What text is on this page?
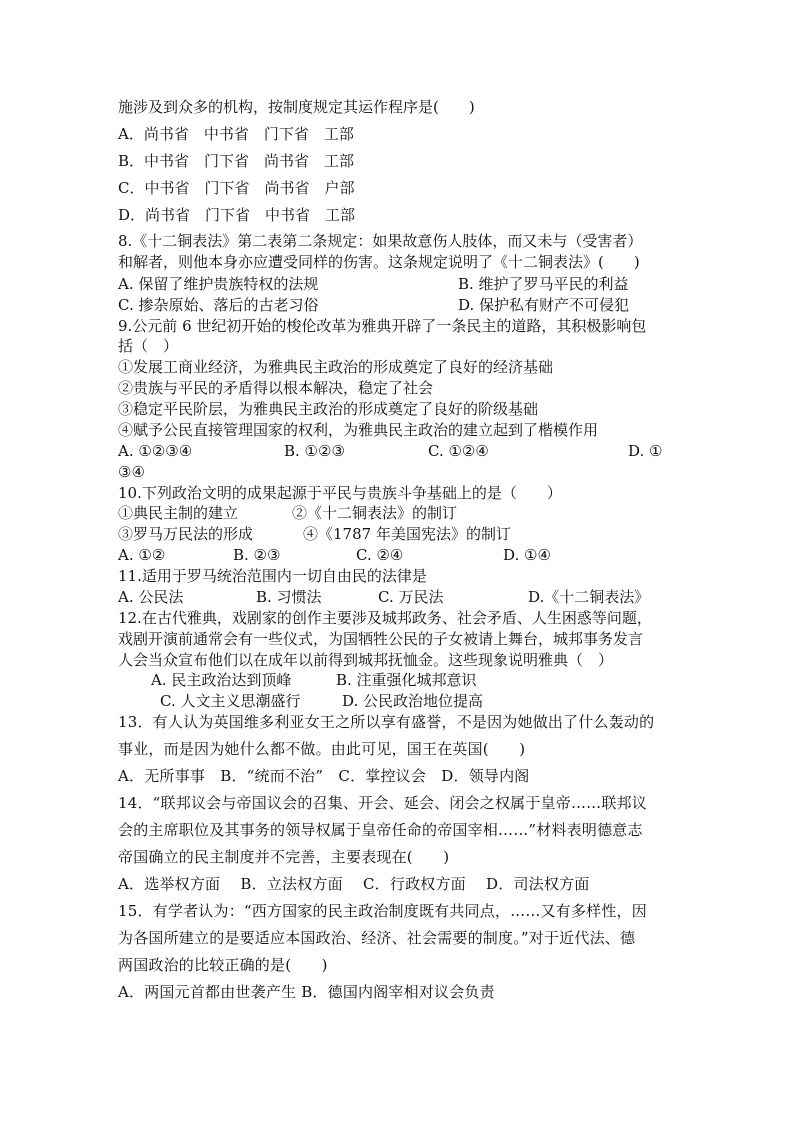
施涉及到众多的机构，按制度规定其运作程序是(　　)
A．尚书省　中书省　门下省　工部
B．中书省　门下省　尚书省　工部
C．中书省　门下省　尚书省　户部
D．尚书省　门下省　中书省　工部
8.《十二铜表法》第二表第二条规定：如果故意伤人肢体，而又未与（受害者）
和解者，则他本身亦应遭受同样的伤害。这条规定说明了《十二铜表法》(　　)
A. 保留了维护贵族特权的法规	B. 维护了罗马平民的利益
C. 掺杂原始、落后的古老习俗	D. 保护私有财产不可侵犯
9.公元前 6 世纪初开始的梭伦改革为雅典开辟了一条民主的道路，其积极影响包
括（　）
①发展工商业经济，为雅典民主政治的形成奠定了良好的经济基础
②贵族与平民的矛盾得以根本解决，稳定了社会
③稳定平民阶层，为雅典民主政治的形成奠定了良好的阶级基础
④赋予公民直接管理国家的权利，为雅典民主政治的建立起到了楷模作用
A. ①②③④	B. ①②③	C. ①②④	D. ①
③④
10.下列政治文明的成果起源于平民与贵族斗争基础上的是（　　）
①典民主制的建立	②《十二铜表法》的制订
③罗马万民法的形成	④《1787 年美国宪法》的制订
A. ①②	B. ②③	C. ②④	D. ①④
11.适用于罗马统治范围内一切自由民的法律是
A. 公民法	B. 习惯法	C. 万民法	D.《十二铜表法》
12.在古代雅典，戏剧家的创作主要涉及城邦政务、社会矛盾、人生困惑等问题，
戏剧开演前通常会有一些仪式，为国牺牲公民的子女被请上舞台，城邦事务发言
人会当众宣布他们以在成年以前得到城邦抚恤金。这些现象说明雅典（　）
A. 民主政治达到顶峰	B. 注重强化城邦意识
C. 人文主义思潮盛行	D. 公民政治地位提高
13．有人认为英国维多利亚女王之所以享有盛誉，不是因为她做出了什么轰动的
事业，而是因为她什么都不做。由此可见，国王在英国(　　)
A．无所事事　B．“统而不治”　C．掌控议会　D．领导内阁
14．“联邦议会与帝国议会的召集、开会、延会、闭会之权属于皇帝……联邦议
会的主席职位及其事务的领导权属于皇帝任命的帝国宰相……”材料表明德意志
帝国确立的民主制度并不完善，主要表现在(　　)
A．选举权方面　 B．立法权方面　 C．行政权方面　 D．司法权方面
15．有学者认为：“西方国家的民主政治制度既有共同点，……又有多样性，因
为各国所建立的是要适应本国政治、经济、社会需要的制度。”对于近代法、德
两国政治的比较正确的是(　　)
A．两国元首都由世袭产生 B．德国内阁宰相对议会负责
